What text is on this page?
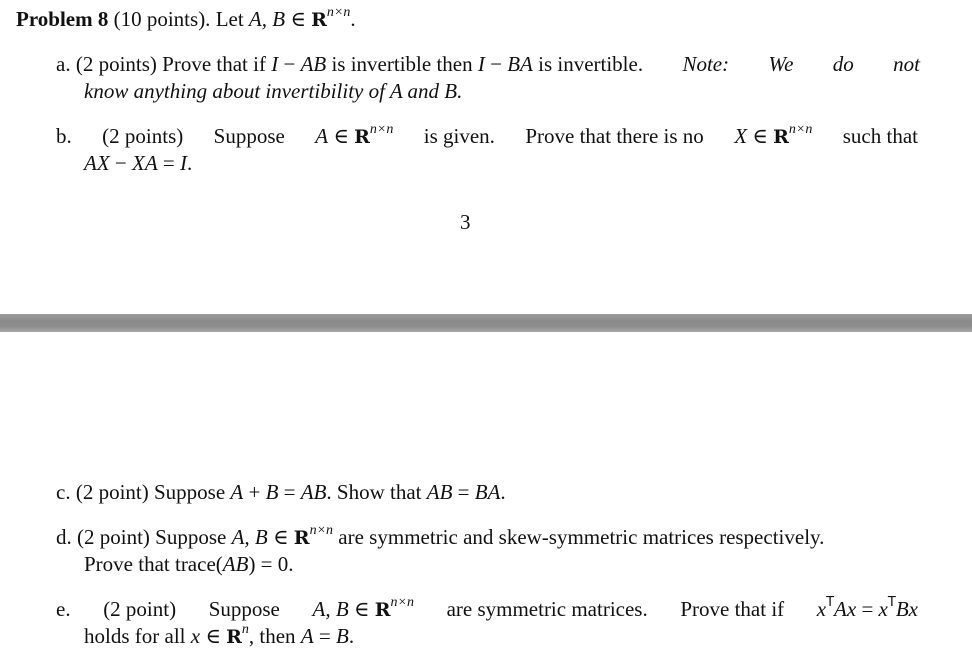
Problem 8 (10 points). Let A, B ∈ $R^{n\times n}$.
a. (2 points) Prove that if I − AB is invertible then I − BA is invertible. Note: We do not
know anything about invertibility of A and B.
b. (2 points) Suppose A ∈ $R^{n\times n}$ is given. Prove that there is no X ∈ $R^{n\times n}$ such that
AX − XA = I.
3
c. (2 point) Suppose A + B = AB. Show that AB = BA.
d. (2 point) Suppose A, B ∈ $R^{n\times n}$ are symmetric and skew-symmetric matrices respectively.
Prove that trace(AB) = 0.
e. (2 point) Suppose A, B ∈ $R^{n\times n}$ are symmetric matrices. Prove that if $x^TAx = x^TBx$
holds for all x ∈ $R^n$, then A = B.
